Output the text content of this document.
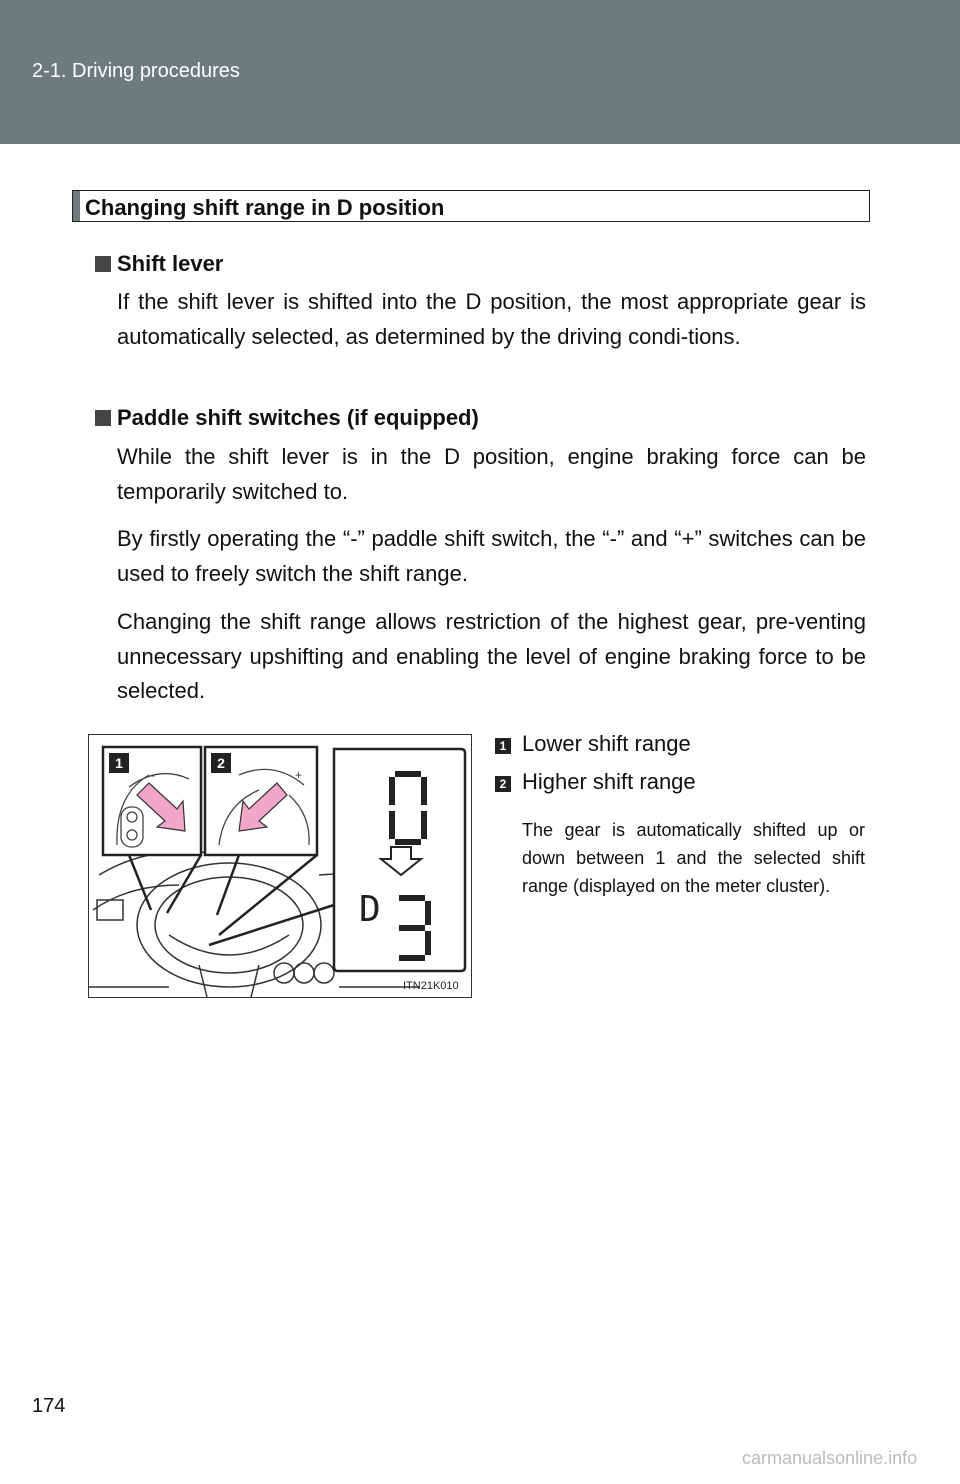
2-1. Driving procedures
Changing shift range in D position
Shift lever
If the shift lever is shifted into the D position, the most appropriate gear is automatically selected, as determined by the driving condi-tions.
Paddle shift switches (if equipped)
While the shift lever is in the D position, engine braking force can be temporarily switched to.
By firstly operating the “-” paddle shift switch, the “-” and “+” switches can be used to freely switch the shift range.
Changing the shift range allows restriction of the highest gear, pre-venting unnecessary upshifting and enabling the level of engine braking force to be selected.
1	2
-	+
D
ITN21K010
1 Lower shift range
2 Higher shift range
The gear is automatically shifted up or down between 1 and the selected shift range (displayed on the meter cluster).
174
carmanualsonline.info
